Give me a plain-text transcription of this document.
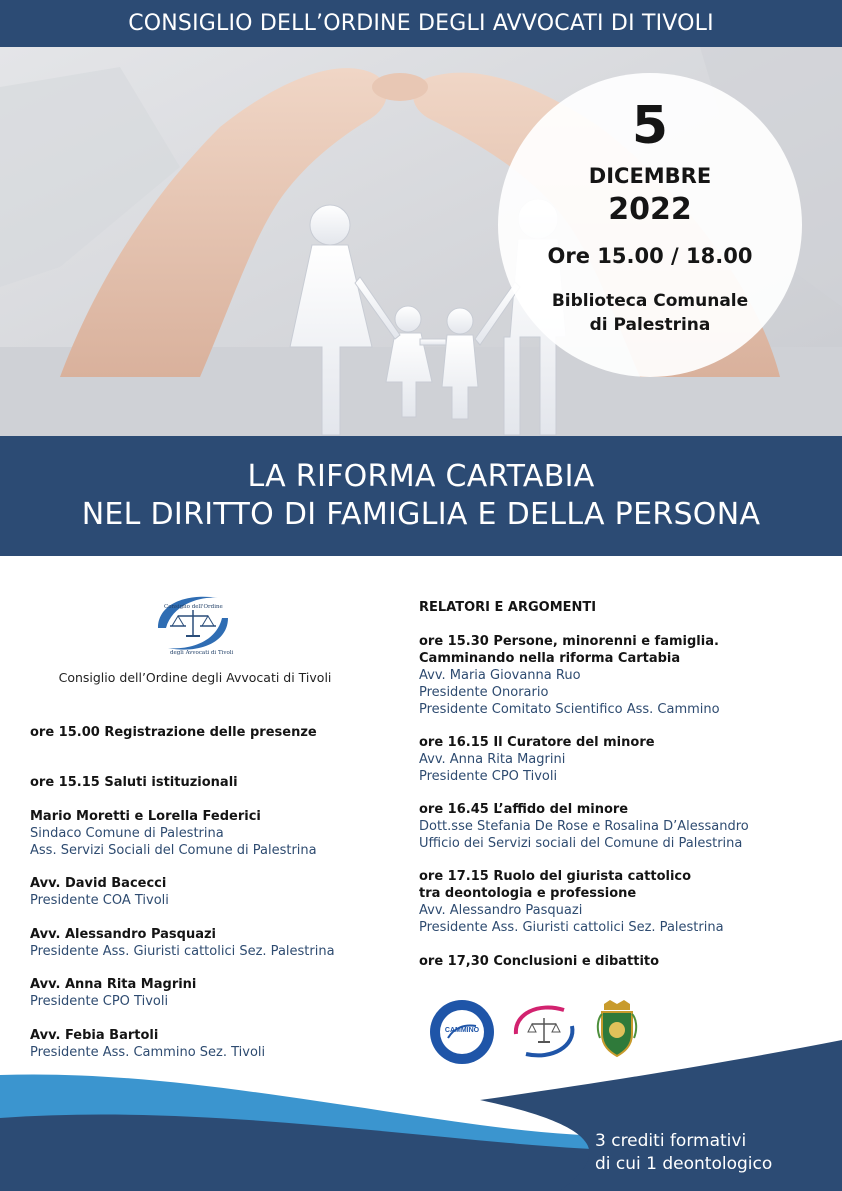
CONSIGLIO DELL’ORDINE DEGLI AVVOCATI DI TIVOLI
5
DICEMBRE
2022
Ore 15.00 / 18.00
Biblioteca Comunale
di Palestrina
LA RIFORMA CARTABIA
NEL DIRITTO DI FAMIGLIA E DELLA PERSONA
Consiglio dell'Ordine
degli Avvocati di Tivoli
Consiglio dell’Ordine degli Avvocati di Tivoli
ore 15.00 Registrazione delle presenze
ore 15.15 Saluti istituzionali
Mario Moretti e Lorella Federici
Sindaco Comune di Palestrina
Ass. Servizi Sociali del Comune di Palestrina
Avv. David Bacecci
Presidente COA Tivoli
Avv. Alessandro Pasquazi
Presidente Ass. Giuristi cattolici Sez. Palestrina
Avv. Anna Rita Magrini
Presidente CPO Tivoli
Avv. Febia Bartoli
Presidente Ass. Cammino Sez. Tivoli
RELATORI E ARGOMENTI
ore 15.30 Persone, minorenni e famiglia.
Camminando nella riforma Cartabia
Avv. Maria Giovanna Ruo
Presidente Onorario
Presidente Comitato Scientifico Ass. Cammino
ore 16.15 Il Curatore del minore
Avv. Anna Rita Magrini
Presidente CPO Tivoli
ore 16.45 L’affido del minore
Dott.sse Stefania De Rose e Rosalina D’Alessandro
Ufficio dei Servizi sociali del Comune di Palestrina
ore 17.15 Ruolo del giurista cattolico
tra deontologia e professione
Avv. Alessandro Pasquazi
Presidente Ass. Giuristi cattolici Sez. Palestrina
ore 17,30 Conclusioni e dibattito
CAMMINO
3 crediti formativi
di cui 1 deontologico
